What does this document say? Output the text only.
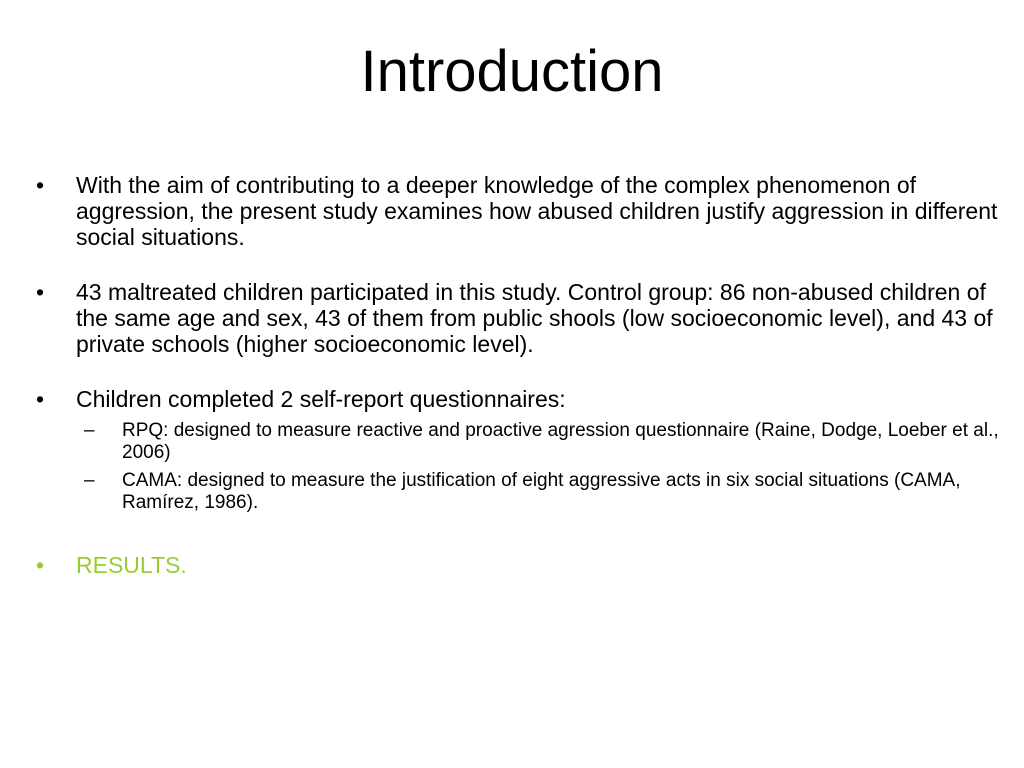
Introduction
•	With the aim of contributing to a deeper knowledge of the complex phenomenon of aggression, the present study examines how abused children justify aggression in different social situations.
•	43 maltreated children participated in this study. Control group: 86 non-abused children of the same age and sex, 43 of them from public shools (low socioeconomic level), and 43 of private schools (higher socioeconomic level).
•	Children completed 2 self-report questionnaires:
– RPQ: designed to measure reactive and proactive agression questionnaire (Raine, Dodge, Loeber et al., 2006)
– CAMA: designed to measure the justification of eight aggressive acts in six social situations (CAMA, Ramírez, 1986).
•	RESULTS.
